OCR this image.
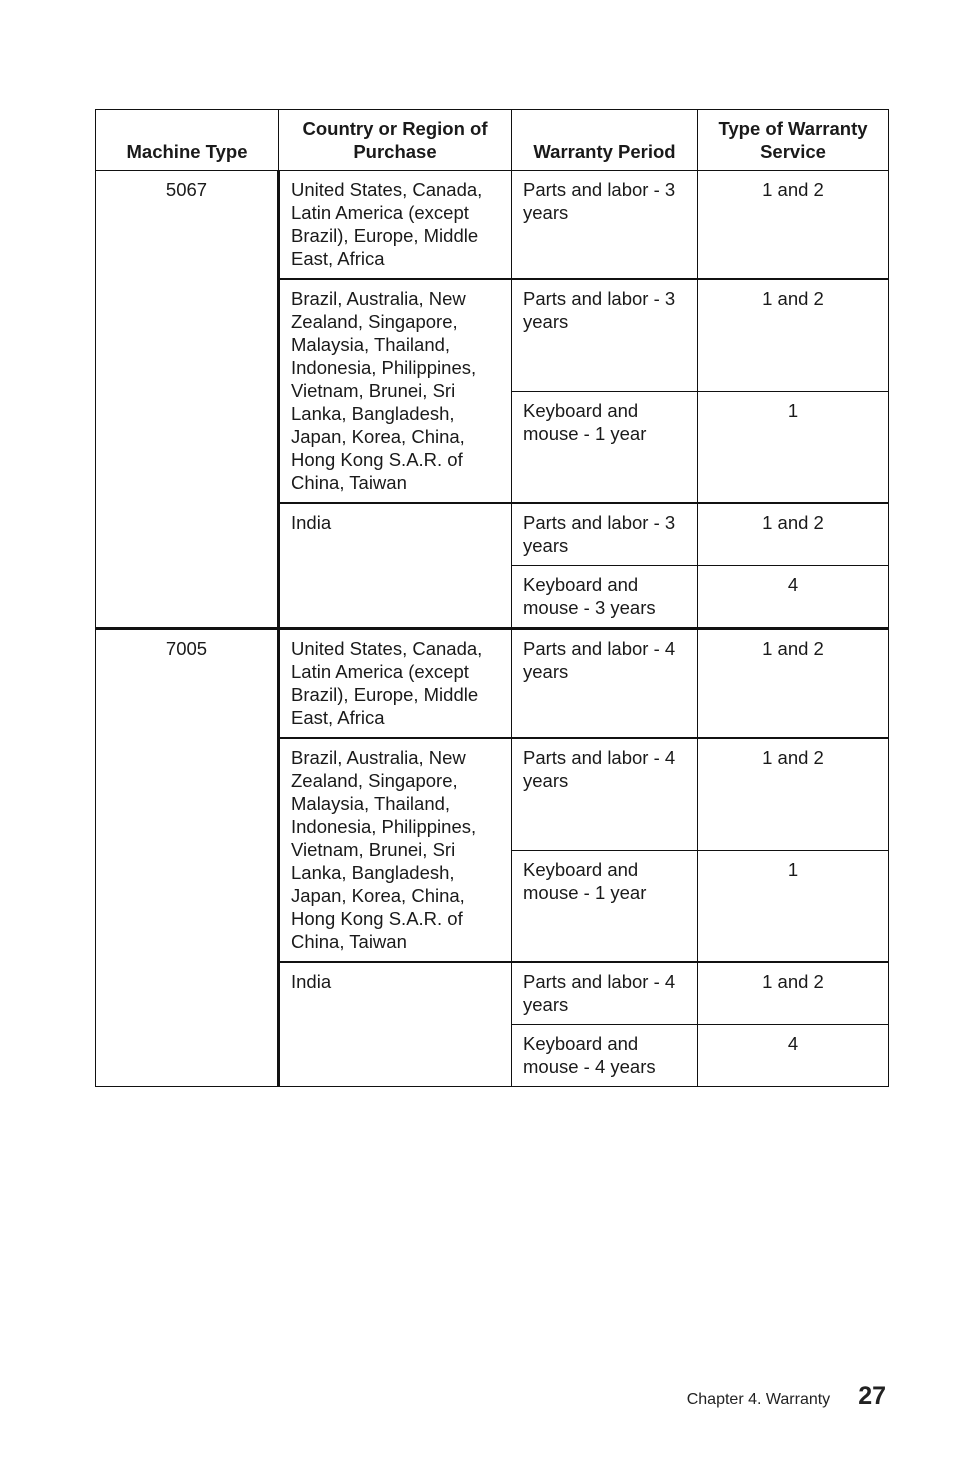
Machine Type	Country or Region of Purchase	Warranty Period	Type of Warranty Service
5067	United States, Canada, Latin America (except Brazil), Europe, Middle East, Africa	Parts and labor - 3 years	1 and 2
	Brazil, Australia, New Zealand, Singapore, Malaysia, Thailand, Indonesia, Philippines, Vietnam, Brunei, Sri Lanka, Bangladesh, Japan, Korea, China, Hong Kong S.A.R. of China, Taiwan	Parts and labor - 3 years	1 and 2
		Keyboard and mouse - 1 year	1
	India	Parts and labor - 3 years	1 and 2
		Keyboard and mouse - 3 years	4
7005	United States, Canada, Latin America (except Brazil), Europe, Middle East, Africa	Parts and labor - 4 years	1 and 2
	Brazil, Australia, New Zealand, Singapore, Malaysia, Thailand, Indonesia, Philippines, Vietnam, Brunei, Sri Lanka, Bangladesh, Japan, Korea, China, Hong Kong S.A.R. of China, Taiwan	Parts and labor - 4 years	1 and 2
		Keyboard and mouse - 1 year	1
	India	Parts and labor - 4 years	1 and 2
		Keyboard and mouse - 4 years	4
Chapter 4. Warranty 27
